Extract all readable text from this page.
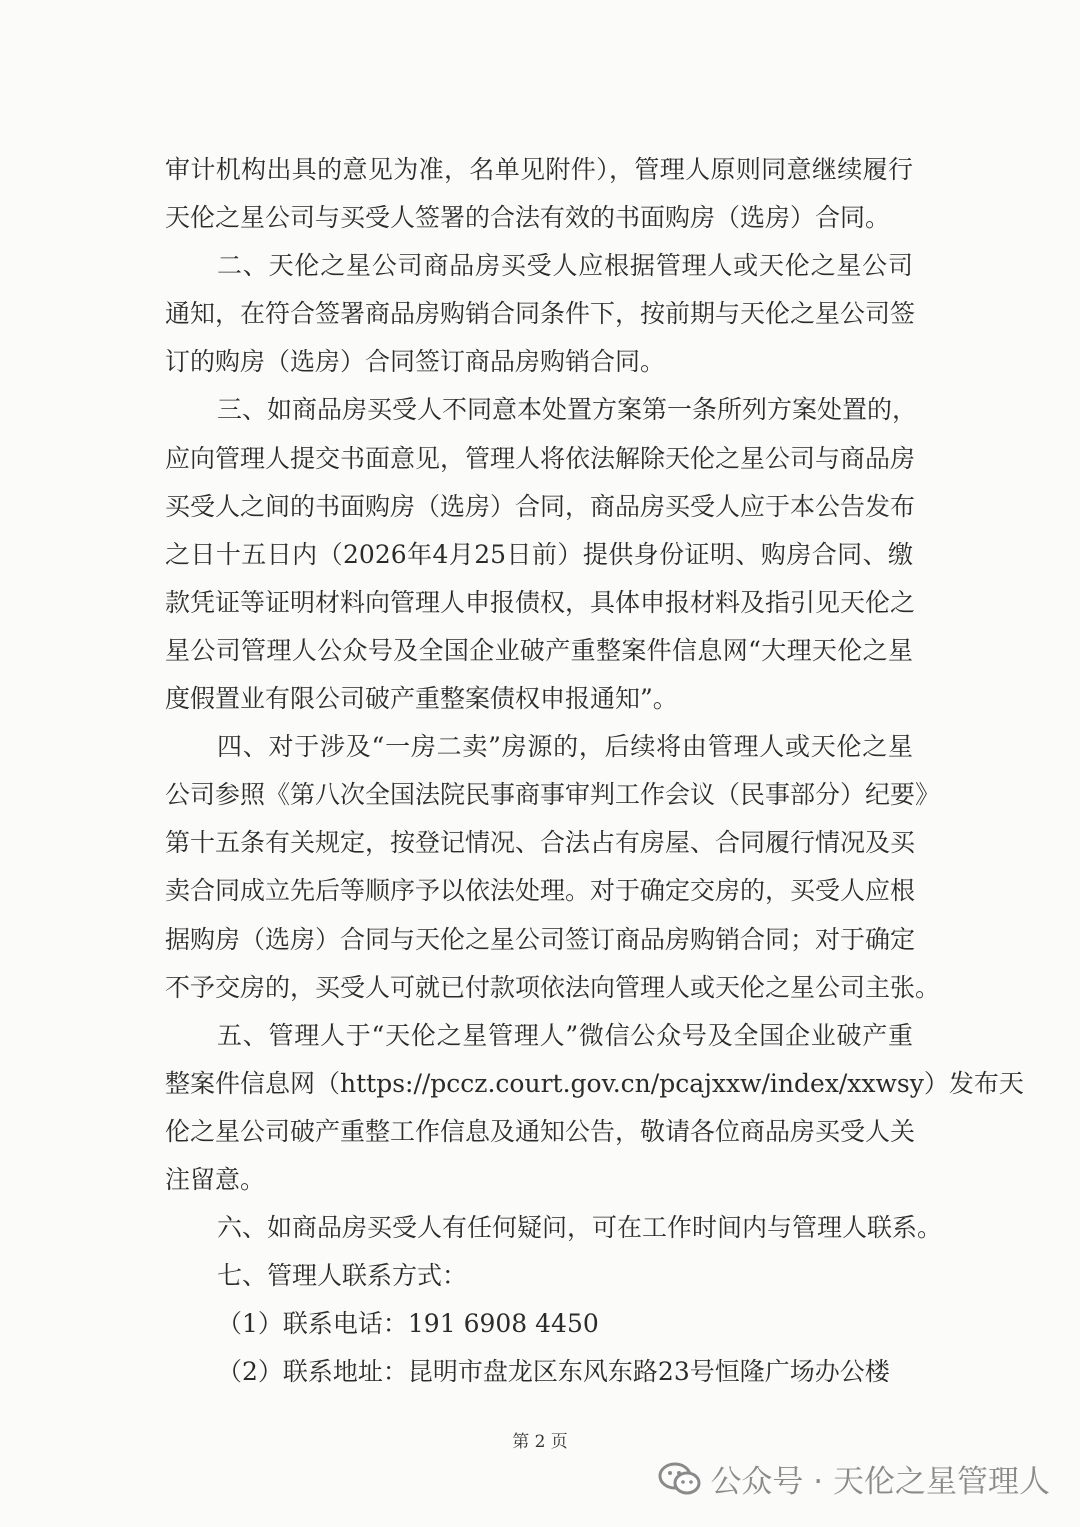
审计机构出具的意见为准，名单见附件），管理人原则同意继续履行
天伦之星公司与买受人签署的合法有效的书面购房（选房）合同。
二、天伦之星公司商品房买受人应根据管理人或天伦之星公司
通知，在符合签署商品房购销合同条件下，按前期与天伦之星公司签
订的购房（选房）合同签订商品房购销合同。
三、如商品房买受人不同意本处置方案第一条所列方案处置的，
应向管理人提交书面意见，管理人将依法解除天伦之星公司与商品房
买受人之间的书面购房（选房）合同，商品房买受人应于本公告发布
之日十五日内（2026年4月25日前）提供身份证明、购房合同、缴
款凭证等证明材料向管理人申报债权，具体申报材料及指引见天伦之
星公司管理人公众号及全国企业破产重整案件信息网“大理天伦之星
度假置业有限公司破产重整案债权申报通知”。
四、对于涉及“一房二卖”房源的，后续将由管理人或天伦之星
公司参照《第八次全国法院民事商事审判工作会议（民事部分）纪要》
第十五条有关规定，按登记情况、合法占有房屋、合同履行情况及买
卖合同成立先后等顺序予以依法处理。对于确定交房的，买受人应根
据购房（选房）合同与天伦之星公司签订商品房购销合同；对于确定
不予交房的，买受人可就已付款项依法向管理人或天伦之星公司主张。
五、管理人于“天伦之星管理人”微信公众号及全国企业破产重
整案件信息网（https://pccz.court.gov.cn/pcajxxw/index/xxwsy）发布天
伦之星公司破产重整工作信息及通知公告，敬请各位商品房买受人关
注留意。
六、如商品房买受人有任何疑问，可在工作时间内与管理人联系。
七、管理人联系方式：
（1）联系电话：191 6908 4450
（2）联系地址：昆明市盘龙区东风东路23号恒隆广场办公楼
第 2 页
公众号 · 天伦之星管理人
